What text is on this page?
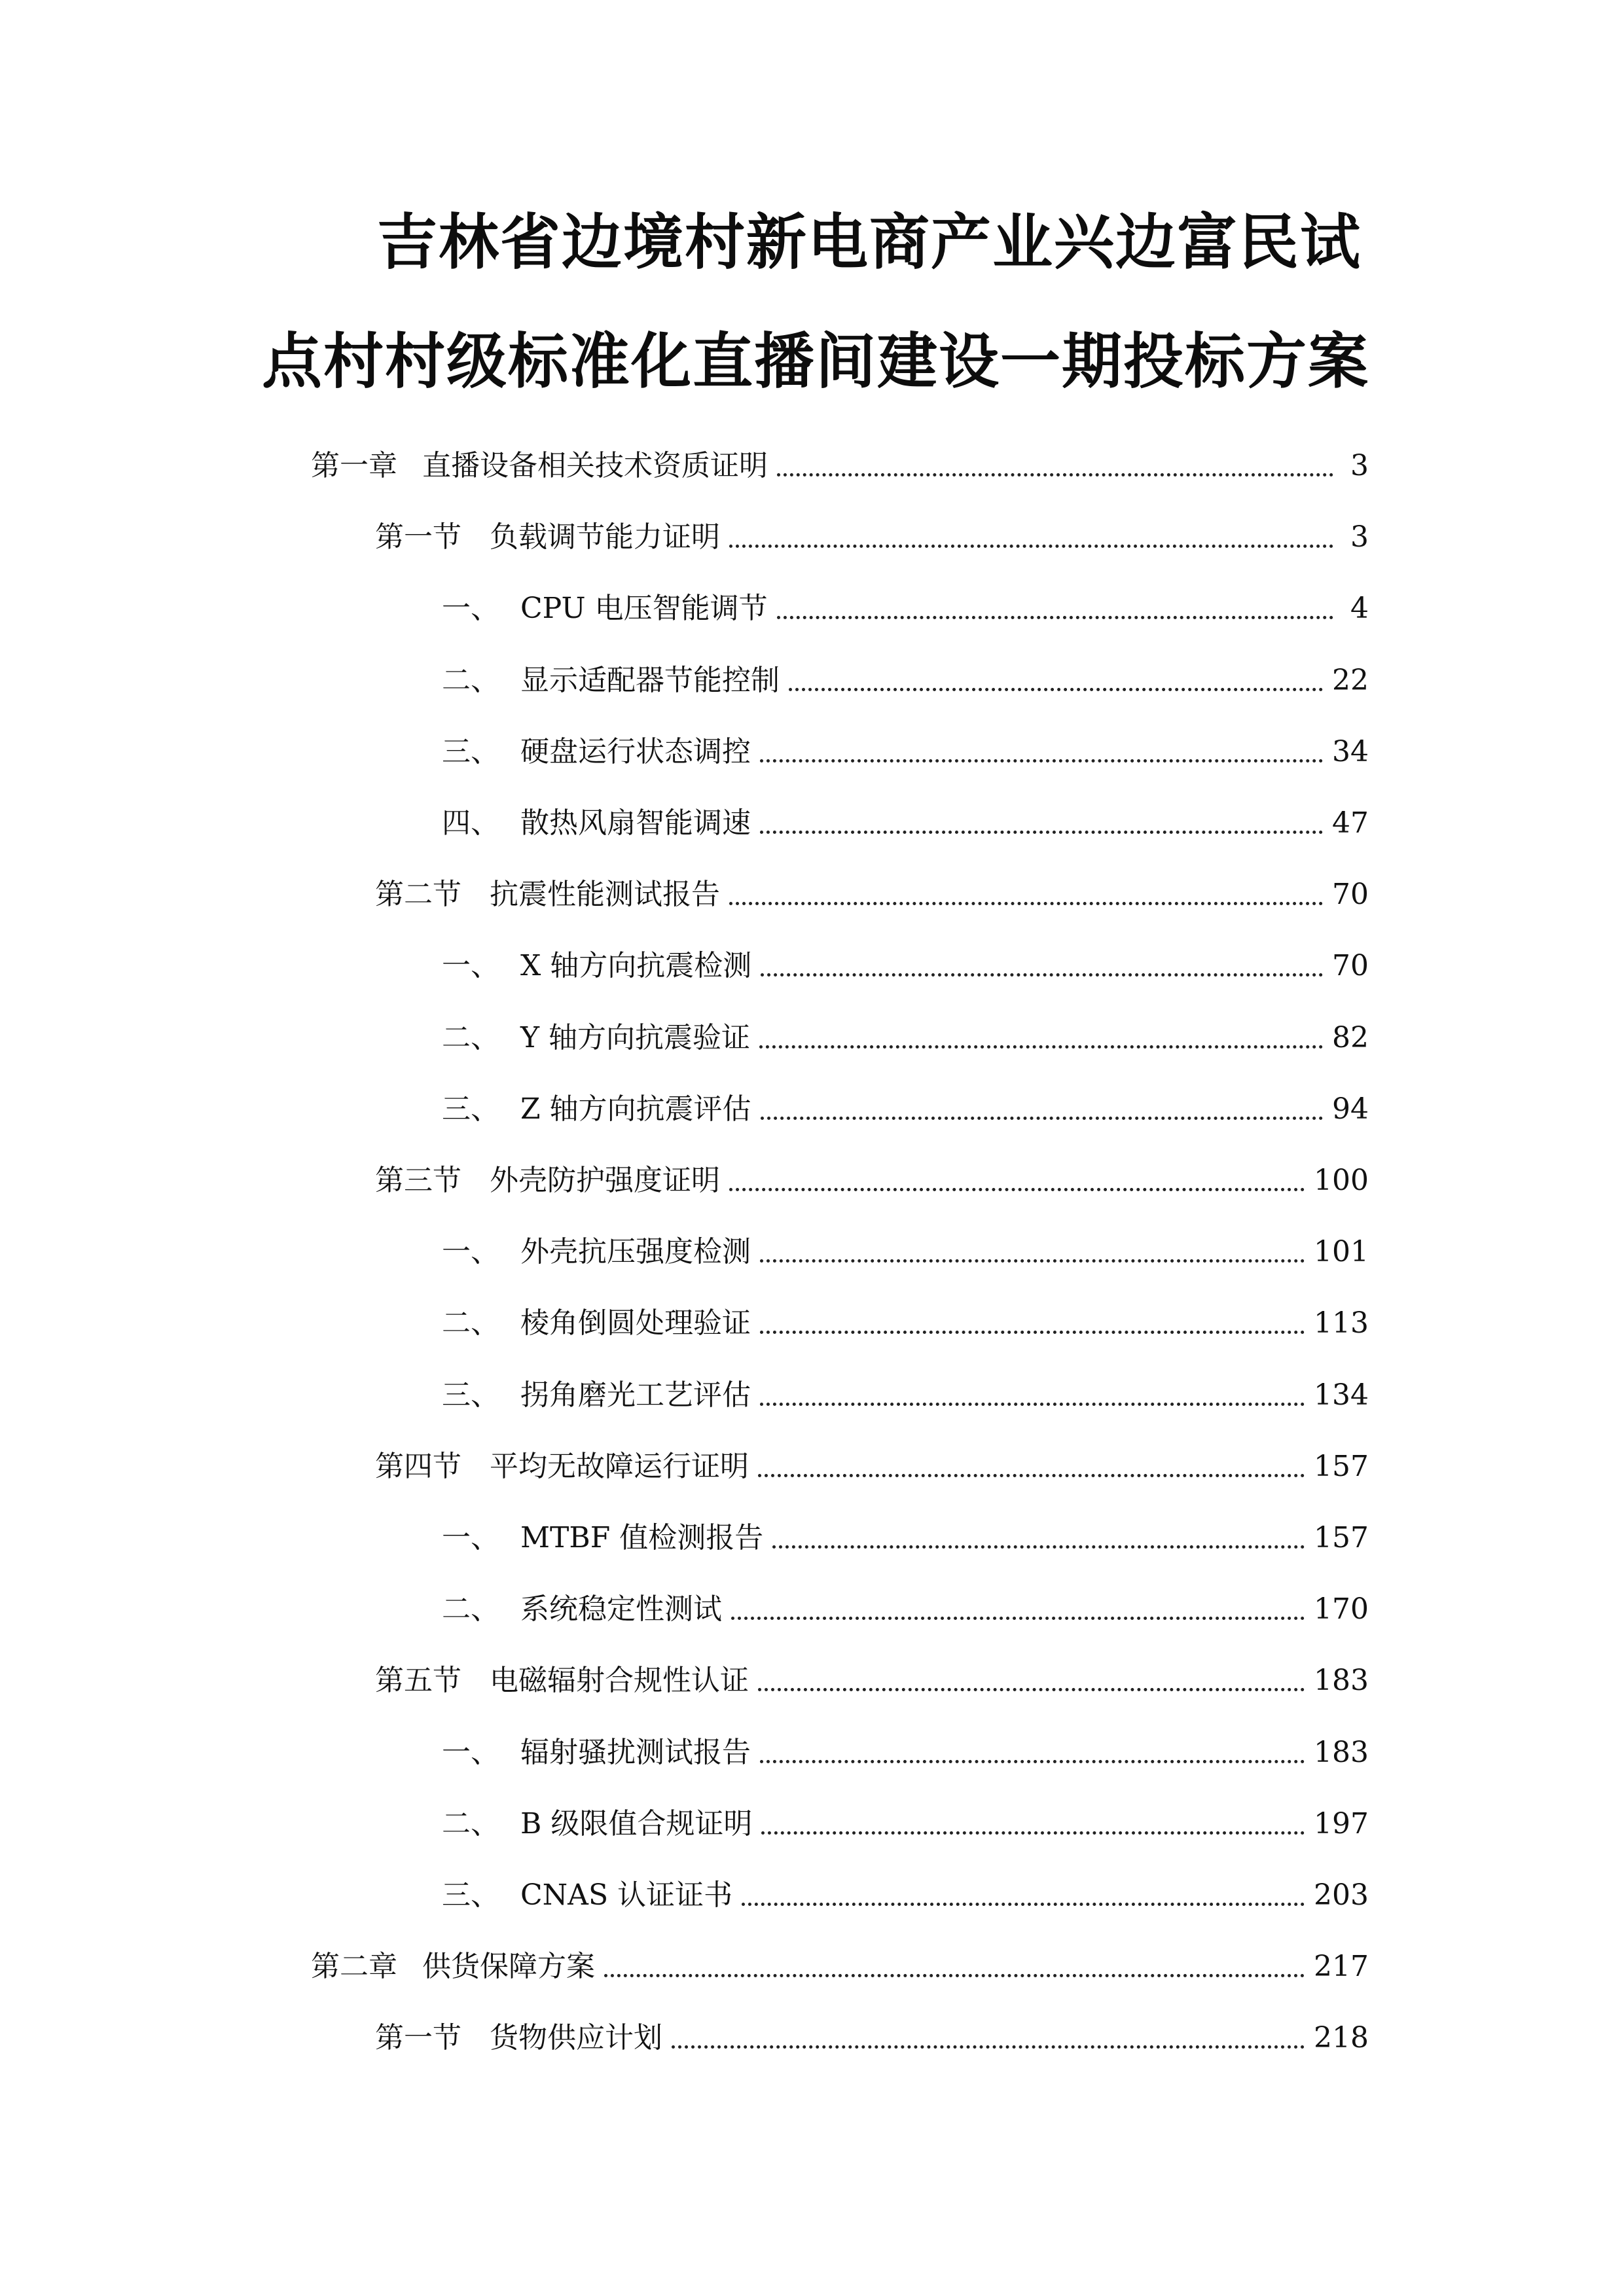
吉林省边境村新电商产业兴边富民试
点村村级标准化直播间建设一期投标方案
第一章 直播设备相关技术资质证明	3
第一节 负载调节能力证明	3
一、 CPU 电压智能调节	4
二、 显示适配器节能控制	22
三、 硬盘运行状态调控	34
四、 散热风扇智能调速	47
第二节 抗震性能测试报告	70
一、 X 轴方向抗震检测	70
二、 Y 轴方向抗震验证	82
三、 Z 轴方向抗震评估	94
第三节 外壳防护强度证明	100
一、 外壳抗压强度检测	101
二、 棱角倒圆处理验证	113
三、 拐角磨光工艺评估	134
第四节 平均无故障运行证明	157
一、 MTBF 值检测报告	157
二、 系统稳定性测试	170
第五节 电磁辐射合规性认证	183
一、 辐射骚扰测试报告	183
二、 B 级限值合规证明	197
三、 CNAS 认证证书	203
第二章 供货保障方案	217
第一节 货物供应计划	218
